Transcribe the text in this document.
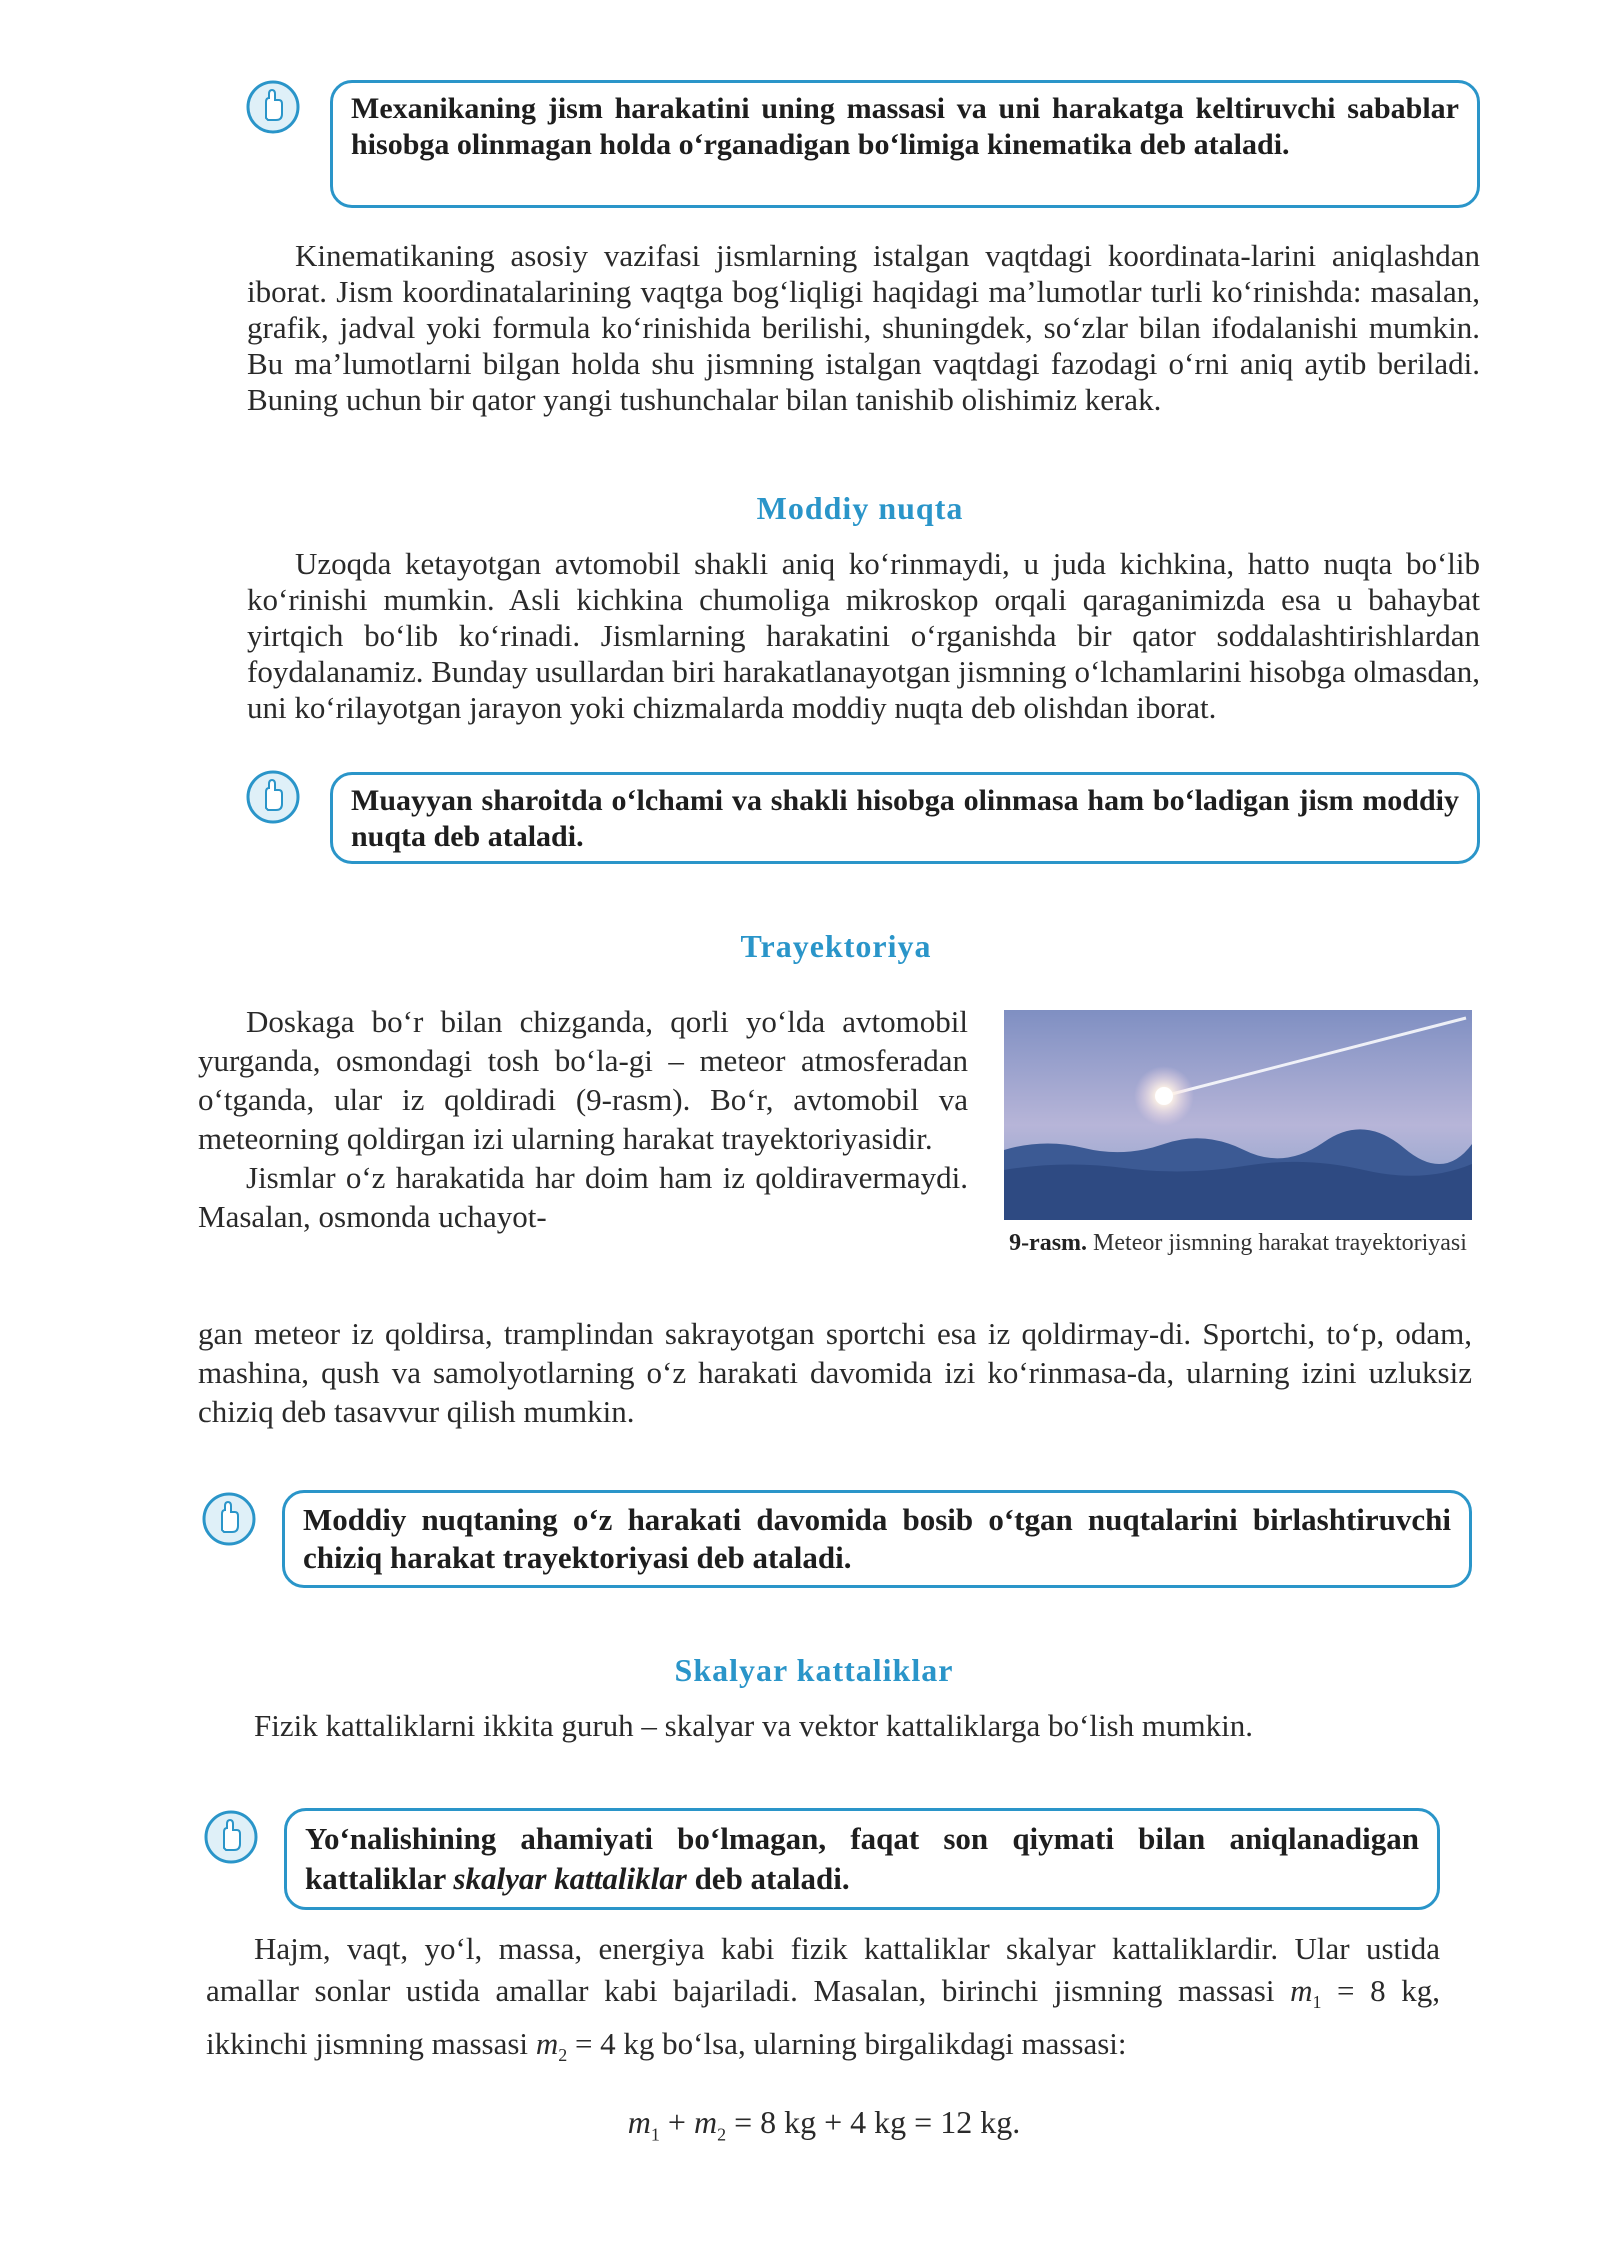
Mexanikaning jism harakatini uning massasi va uni harakatga keltiruvchi sabablar hisobga olinmagan holda o‘rganadigan bo‘limiga kinematika deb ataladi.

Kinematikaning asosiy vazifasi jismlarning istalgan vaqtdagi koordinata-larini aniqlashdan iborat. Jism koordinatalarining vaqtga bog‘liqligi haqidagi ma’lumotlar turli ko‘rinishda: masalan, grafik, jadval yoki formula ko‘rinishida berilishi, shuningdek, so‘zlar bilan ifodalanishi mumkin. Bu ma’lumotlarni bilgan holda shu jismning istalgan vaqtdagi fazodagi o‘rni aniq aytib beriladi. Buning uchun bir qator yangi tushunchalar bilan tanishib olishimiz kerak.

Moddiy nuqta

Uzoqda ketayotgan avtomobil shakli aniq ko‘rinmaydi, u juda kichkina, hatto nuqta bo‘lib ko‘rinishi mumkin. Asli kichkina chumoliga mikroskop orqali qaraganimizda esa u bahaybat yirtqich bo‘lib ko‘rinadi. Jismlarning harakatini o‘rganishda bir qator soddalashtirishlardan foydalanamiz. Bunday usullardan biri harakatlanayotgan jismning o‘lchamlarini hisobga olmasdan, uni ko‘rilayotgan jarayon yoki chizmalarda moddiy nuqta deb olishdan iborat.

Muayyan sharoitda o‘lchami va shakli hisobga olinmasa ham bo‘ladigan jism moddiy nuqta deb ataladi.

Trayektoriya

Doskaga bo‘r bilan chizganda, qorli yo‘lda avtomobil yurganda, osmondagi tosh bo‘la-gi – meteor atmosferadan o‘tganda, ular iz qoldiradi (9-rasm). Bo‘r, avtomobil va meteorning qoldirgan izi ularning harakat trayektoriyasidir.

Jismlar o‘z harakatida har doim ham iz qoldiravermaydi. Masalan, osmonda uchayot-

9-rasm. Meteor jismning harakat trayektoriyasi

gan meteor iz qoldirsa, tramplindan sakrayotgan sportchi esa iz qoldirmay-di. Sportchi, to‘p, odam, mashina, qush va samolyotlarning o‘z harakati davomida izi ko‘rinmasa-da, ularning izini uzluksiz chiziq deb tasavvur qilish mumkin.

Moddiy nuqtaning o‘z harakati davomida bosib o‘tgan nuqtalarini birlashtiruvchi chiziq harakat trayektoriyasi deb ataladi.

Skalyar kattaliklar

Fizik kattaliklarni ikkita guruh – skalyar va vektor kattaliklarga bo‘lish mumkin.

Yo‘nalishining ahamiyati bo‘lmagan, faqat son qiymati bilan aniqlanadigan kattaliklar skalyar kattaliklar deb ataladi.

Hajm, vaqt, yo‘l, massa, energiya kabi fizik kattaliklar skalyar kattaliklardir. Ular ustida amallar sonlar ustida amallar kabi bajariladi. Masalan, birinchi jismning massasi $m_1 = 8$ kg, ikkinchi jismning massasi $m_2 = 4$ kg bo‘lsa, ularning birgalikdagi massasi:

$m_1 + m_2 = 8$ kg + 4 kg = 12 kg.
